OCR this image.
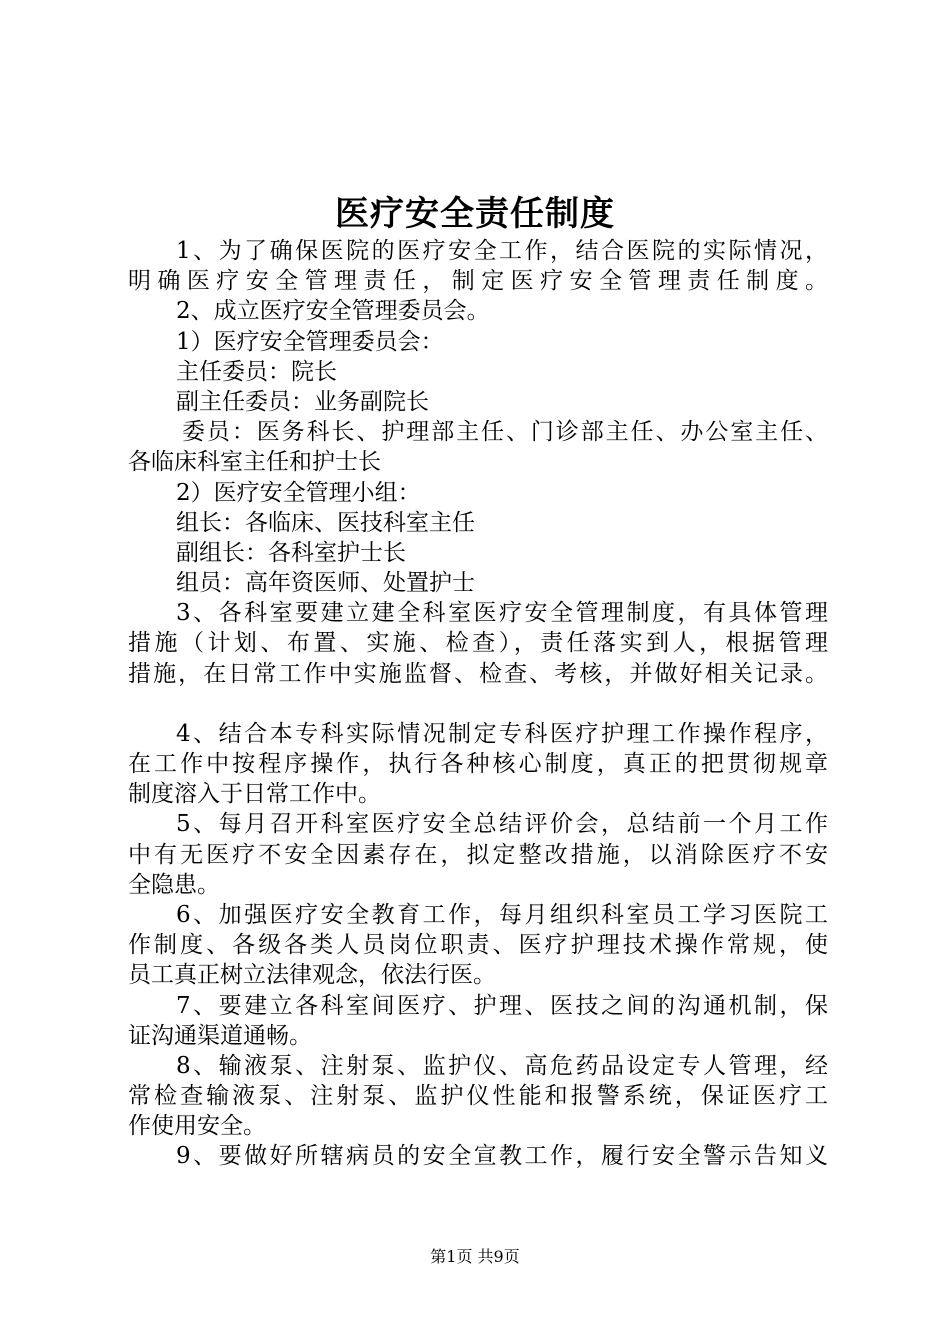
医疗安全责任制度
1、为了确保医院的医疗安全工作，结合医院的实际情况，
明确医疗安全管理责任，制定医疗安全管理责任制度。
2、成立医疗安全管理委员会。
1）医疗安全管理委员会：
主任委员：院长
副主任委员：业务副院长
委员：医务科长、护理部主任、门诊部主任、办公室主任、
各临床科室主任和护士长
2）医疗安全管理小组：
组长：各临床、医技科室主任
副组长：各科室护士长
组员：高年资医师、处置护士
3、各科室要建立建全科室医疗安全管理制度，有具体管理
措施（计划、布置、实施、检查），责任落实到人，根据管理
措施，在日常工作中实施监督、检查、考核，并做好相关记录。
4、结合本专科实际情况制定专科医疗护理工作操作程序，
在工作中按程序操作，执行各种核心制度，真正的把贯彻规章
制度溶入于日常工作中。
5、每月召开科室医疗安全总结评价会，总结前一个月工作
中有无医疗不安全因素存在，拟定整改措施，以消除医疗不安
全隐患。
6、加强医疗安全教育工作，每月组织科室员工学习医院工
作制度、各级各类人员岗位职责、医疗护理技术操作常规，使
员工真正树立法律观念，依法行医。
7、要建立各科室间医疗、护理、医技之间的沟通机制，保
证沟通渠道通畅。
8、输液泵、注射泵、监护仪、高危药品设定专人管理，经
常检查输液泵、注射泵、监护仪性能和报警系统，保证医疗工
作使用安全。
9、要做好所辖病员的安全宣教工作，履行安全警示告知义
第1页 共9页
